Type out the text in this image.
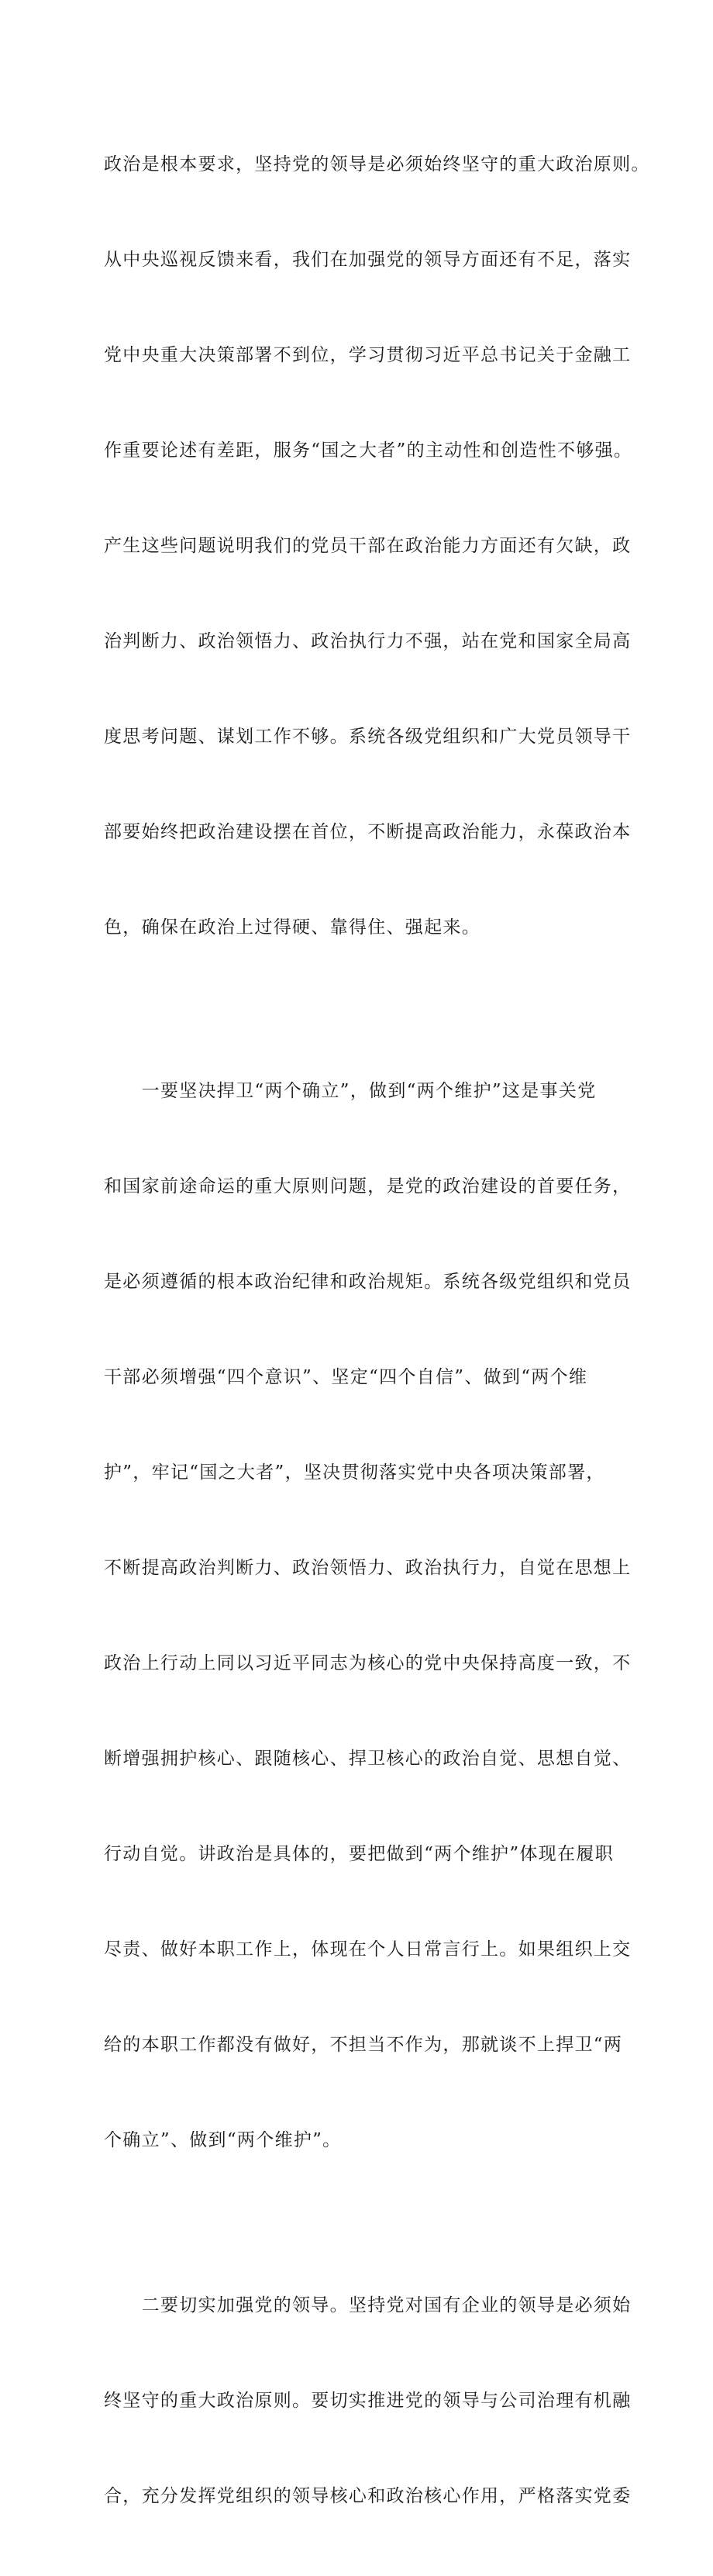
政治是根本要求，坚持党的领导是必须始终坚守的重大政治原则。

从中央巡视反馈来看，我们在加强党的领导方面还有不足，落实

党中央重大决策部署不到位，学习贯彻习近平总书记关于金融工

作重要论述有差距，服务“国之大者”的主动性和创造性不够强。

产生这些问题说明我们的党员干部在政治能力方面还有欠缺，政

治判断力、政治领悟力、政治执行力不强，站在党和国家全局高

度思考问题、谋划工作不够。系统各级党组织和广大党员领导干

部要始终把政治建设摆在首位，不断提高政治能力，永葆政治本

色，确保在政治上过得硬、靠得住、强起来。

　　一要坚决捍卫“两个确立”，做到“两个维护”这是事关党

和国家前途命运的重大原则问题，是党的政治建设的首要任务，

是必须遵循的根本政治纪律和政治规矩。系统各级党组织和党员

干部必须增强“四个意识”、坚定“四个自信”、做到“两个维

护”，牢记“国之大者”，坚决贯彻落实党中央各项决策部署，

不断提高政治判断力、政治领悟力、政治执行力，自觉在思想上

政治上行动上同以习近平同志为核心的党中央保持高度一致，不

断增强拥护核心、跟随核心、捍卫核心的政治自觉、思想自觉、

行动自觉。讲政治是具体的，要把做到“两个维护”体现在履职

尽责、做好本职工作上，体现在个人日常言行上。如果组织上交

给的本职工作都没有做好，不担当不作为，那就谈不上捍卫“两

个确立”、做到“两个维护”。

　　二要切实加强党的领导。坚持党对国有企业的领导是必须始

终坚守的重大政治原则。要切实推进党的领导与公司治理有机融

合，充分发挥党组织的领导核心和政治核心作用，严格落实党委
